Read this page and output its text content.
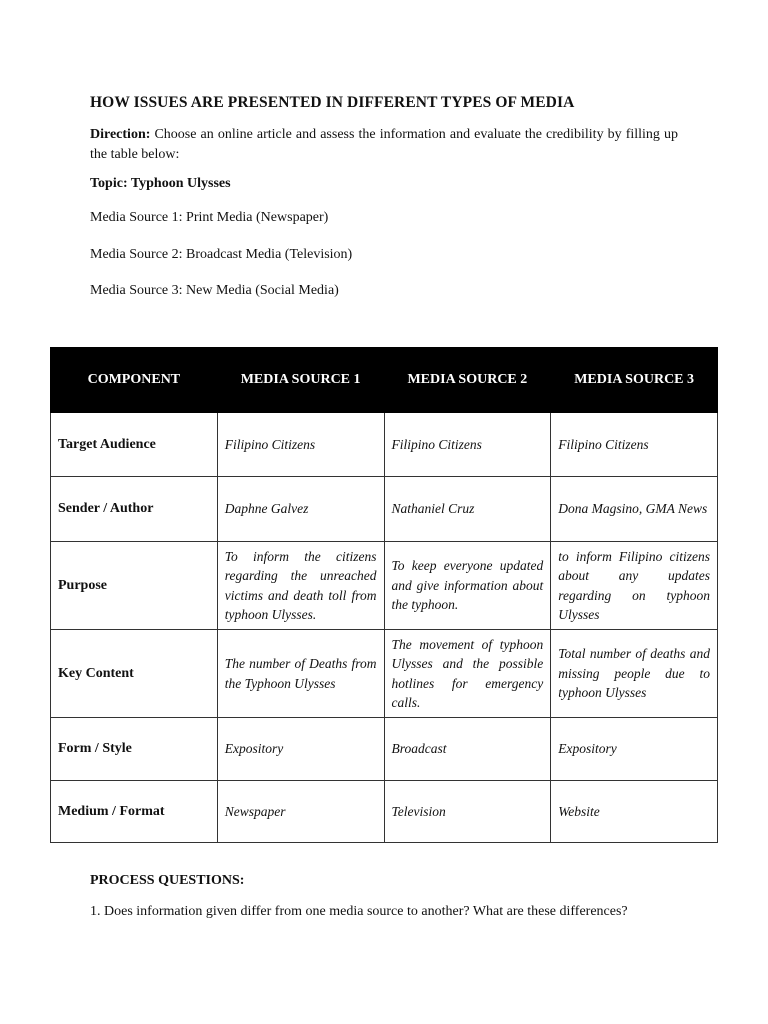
HOW ISSUES ARE PRESENTED IN DIFFERENT TYPES OF MEDIA

Direction: Choose an online article and assess the information and evaluate the credibility by filling up the table below:

Topic: Typhoon Ulysses

Media Source 1: Print Media (Newspaper)

Media Source 2: Broadcast Media (Television)

Media Source 3: New Media (Social Media)

COMPONENT	MEDIA SOURCE 1	MEDIA SOURCE 2	MEDIA SOURCE 3
Target Audience	Filipino Citizens	Filipino Citizens	Filipino Citizens
Sender / Author	Daphne Galvez	Nathaniel Cruz	Dona Magsino, GMA News
Purpose	To inform the citizens regarding the unreached victims and death toll from typhoon Ulysses.	To keep everyone updated and give information about the typhoon.	to inform Filipino citizens about any updates regarding on typhoon Ulysses
Key Content	The number of Deaths from the Typhoon Ulysses	The movement of typhoon Ulysses and the possible hotlines for emergency calls.	Total number of deaths and missing people due to typhoon Ulysses
Form / Style	Expository	Broadcast	Expository
Medium / Format	Newspaper	Television	Website

PROCESS QUESTIONS:

1. Does information given differ from one media source to another? What are these differences?
